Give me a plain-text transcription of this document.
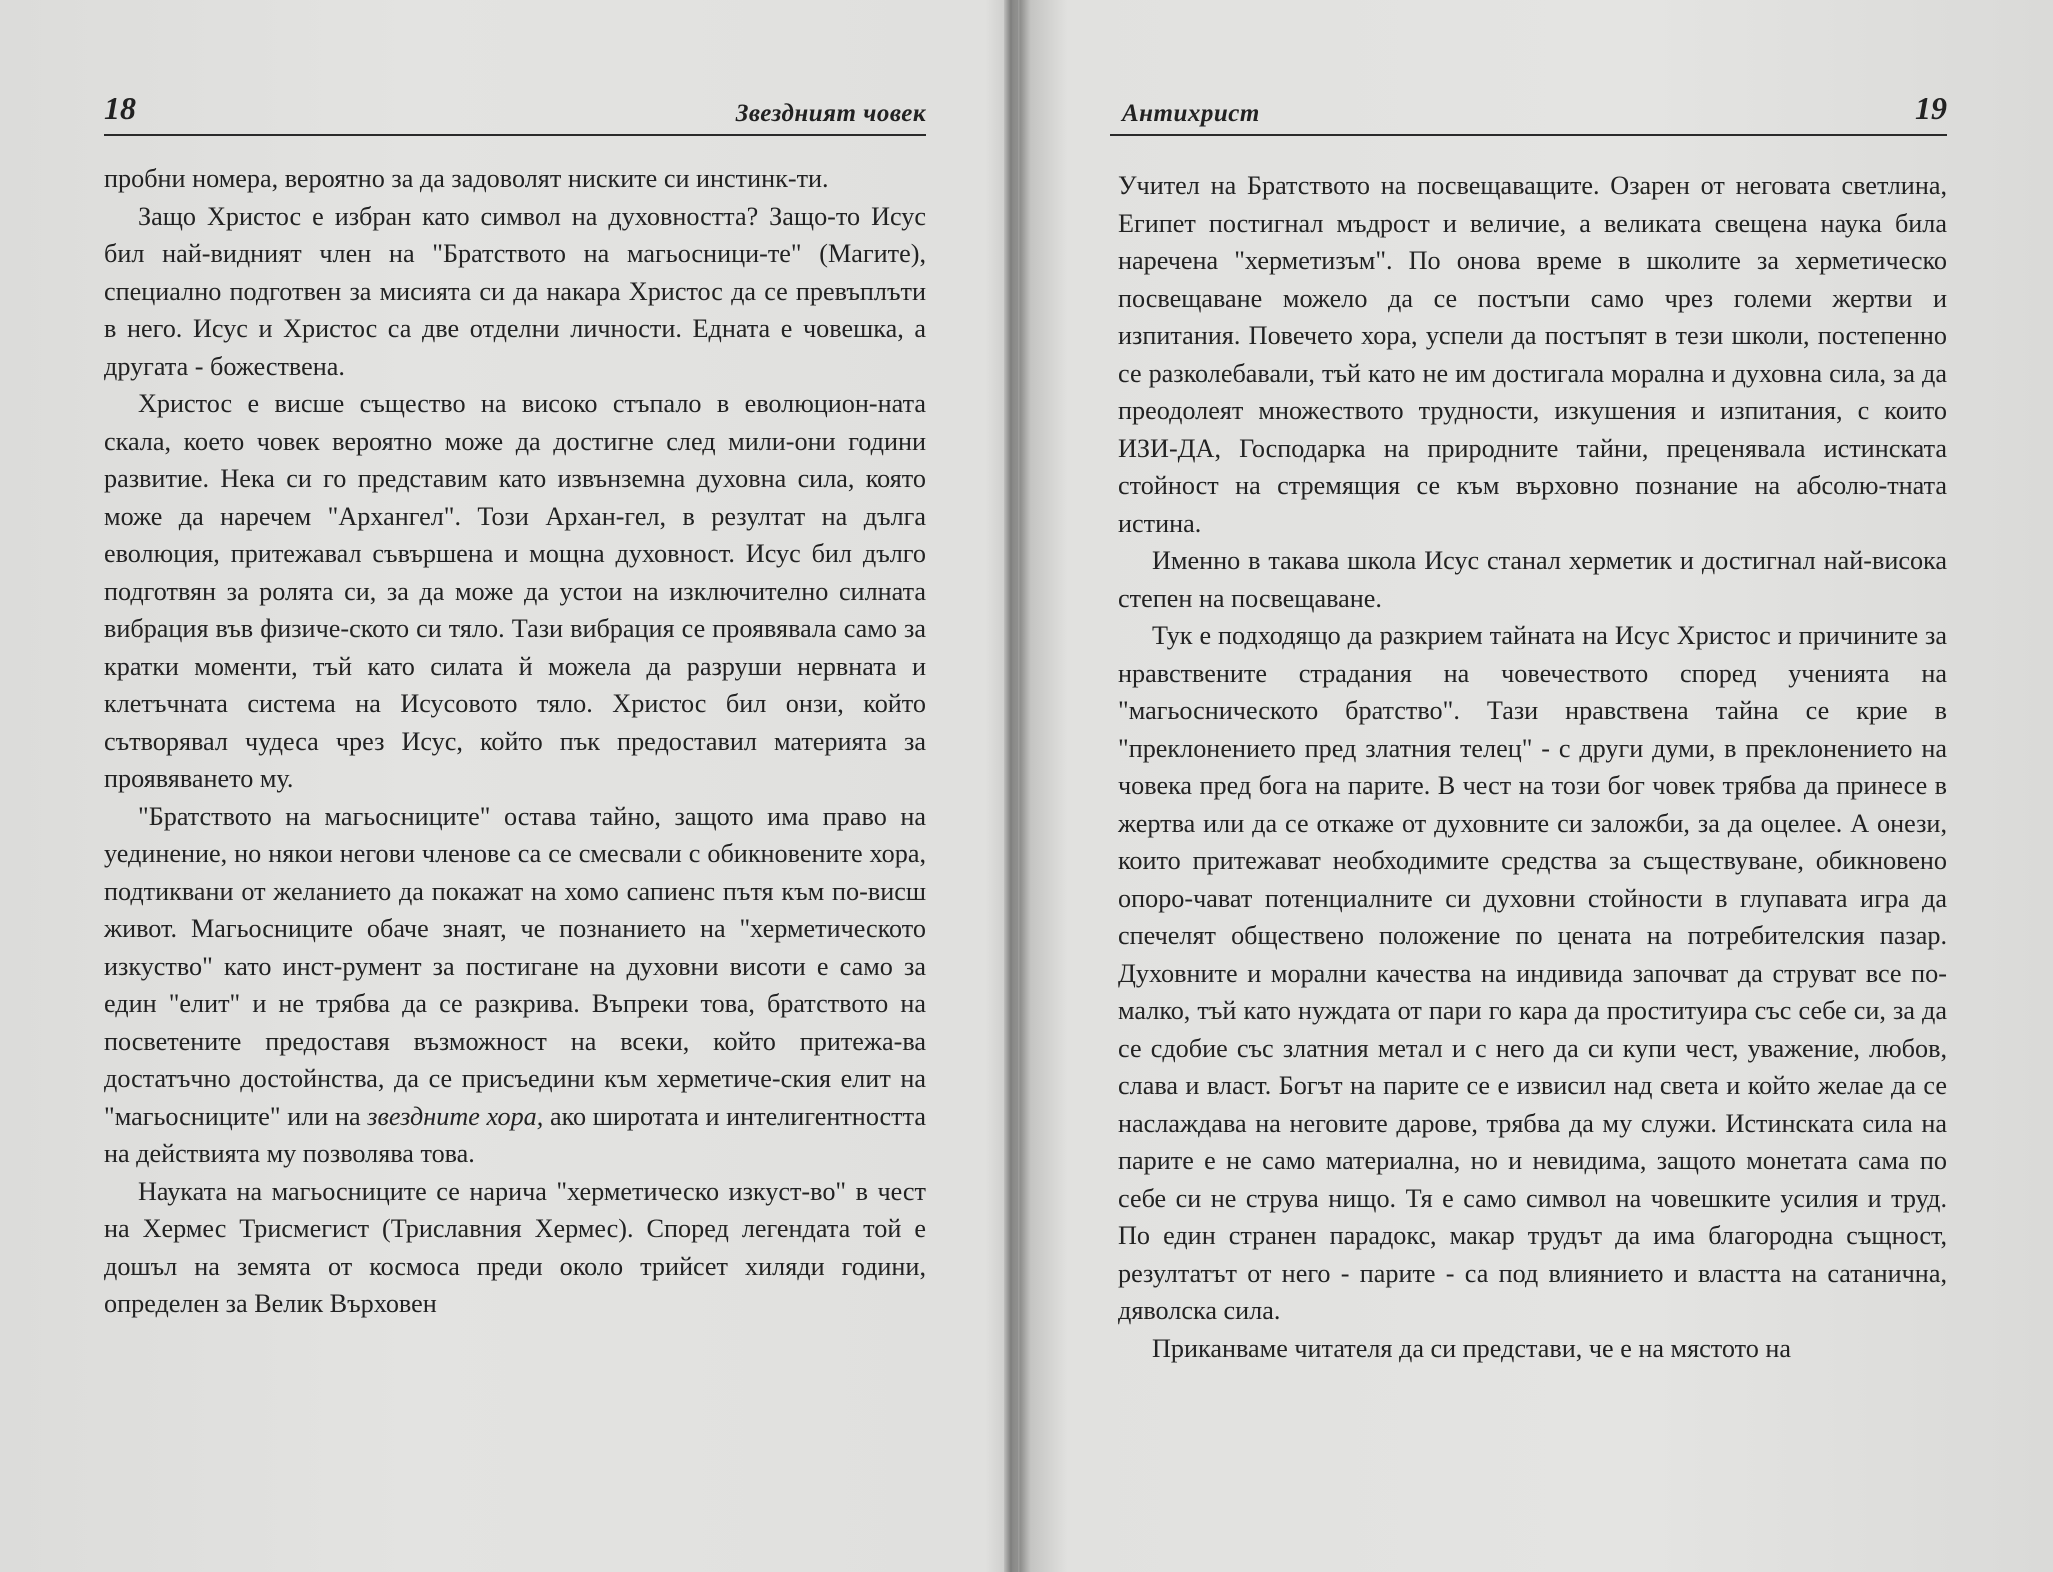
18	Звездният човек

пробни номера, вероятно за да задоволят ниските си инстинк-ти.

Защо Христос е избран като символ на духовността? Защо-то Исус бил най-видният член на "Братството на магьосници-те" (Магите), специално подготвен за мисията си да накара Христос да се превъплъти в него. Исус и Христос са две отделни личности. Едната е човешка, а другата - божествена.

Христос е висше същество на високо стъпало в еволюцион-ната скала, което човек вероятно може да достигне след мили-они години развитие. Нека си го представим като извънземна духовна сила, която може да наречем "Архангел". Този Архан-гел, в резултат на дълга еволюция, притежавал съвършена и мощна духовност. Исус бил дълго подготвян за ролята си, за да може да устои на изключително силната вибрация във физиче-ското си тяло. Тази вибрация се проявявала само за кратки моменти, тъй като силата й можела да разруши нервната и клетъчната система на Исусовото тяло. Христос бил онзи, който сътворявал чудеса чрез Исус, който пък предоставил материята за проявяването му.

"Братството на магьосниците" остава тайно, защото има право на уединение, но някои негови членове са се смесвали с обикновените хора, подтиквани от желанието да покажат на хомо сапиенс пътя към по-висш живот. Магьосниците обаче знаят, че познанието на "херметическото изкуство" като инст-румент за постигане на духовни висоти е само за един "елит" и не трябва да се разкрива. Въпреки това, братството на посветените предоставя възможност на всеки, който притежа-ва достатъчно достойнства, да се присъедини към херметиче-ския елит на "магьосниците" или на звездните хора, ако широтата и интелигентността на действията му позволява това.

Науката на магьосниците се нарича "херметическо изкуст-во" в чест на Хермес Трисмегист (Триславния Хермес). Според легендата той е дошъл на земята от космоса преди около трийсет хиляди години, определен за Велик Върховен

Антихрист	19

Учител на Братството на посвещаващите. Озарен от неговата светлина, Египет постигнал мъдрост и величие, а великата свещена наука била наречена "херметизъм". По онова време в школите за херметическо посвещаване можело да се постъпи само чрез големи жертви и изпитания. Повечето хора, успели да постъпят в тези школи, постепенно се разколебавали, тъй като не им достигала морална и духовна сила, за да преодолеят множеството трудности, изкушения и изпитания, с които ИЗИ-ДА, Господарка на природните тайни, преценявала истинската стойност на стремящия се към върховно познание на абсолю-тната истина.

Именно в такава школа Исус станал херметик и достигнал най-висока степен на посвещаване.

Тук е подходящо да разкрием тайната на Исус Христос и причините за нравствените страдания на човечеството според ученията на "магьосническото братство". Тази нравствена тайна се крие в "преклонението пред златния телец" - с други думи, в преклонението на човека пред бога на парите. В чест на този бог човек трябва да принесе в жертва или да се откаже от духовните си заложби, за да оцелее. А онези, които притежават необходимите средства за съществуване, обикновено опоро-чават потенциалните си духовни стойности в глупавата игра да спечелят обществено положение по цената на потребителския пазар. Духовните и морални качества на индивида започват да струват все по-малко, тъй като нуждата от пари го кара да проституира със себе си, за да се сдобие със златния метал и с него да си купи чест, уважение, любов, слава и власт. Богът на парите се е извисил над света и който желае да се наслаждава на неговите дарове, трябва да му служи. Истинската сила на парите е не само материална, но и невидима, защото монетата сама по себе си не струва нищо. Тя е само символ на човешките усилия и труд. По един странен парадокс, макар трудът да има благородна същност, резултатът от него - парите - са под влиянието и властта на сатанична, дяволска сила.

Приканваме читателя да си представи, че е на мястото на
